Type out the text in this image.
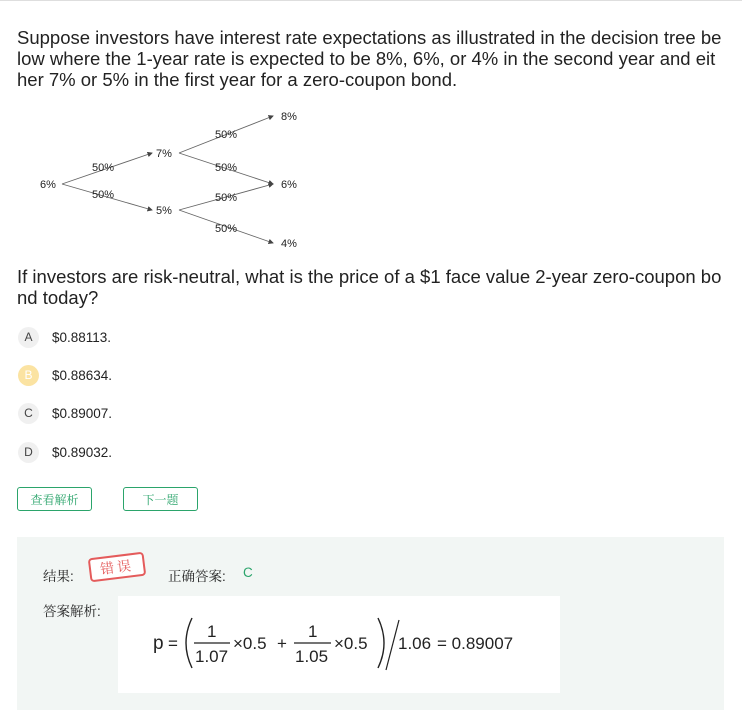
Suppose investors have interest rate expectations as illustrated in the decision tree below where the 1-year rate is expected to be 8%, 6%, or 4% in the second year and either 7% or 5% in the first year for a zero-coupon bond.
6%
7%
5%
8%
6%
4%
50%
50%
50%
50%
50%
50%
If investors are risk-neutral, what is the price of a $1 face value 2-year zero-coupon bond today?
A	$0.88113.
B	$0.88634.
C	$0.89007.
D	$0.89032.
查看解析	下一题
结果:	错误	正确答案: C
答案解析:
p =
1
1.07
×0.5 +
1
1.05
×0.5 1.06 = 0.89007
